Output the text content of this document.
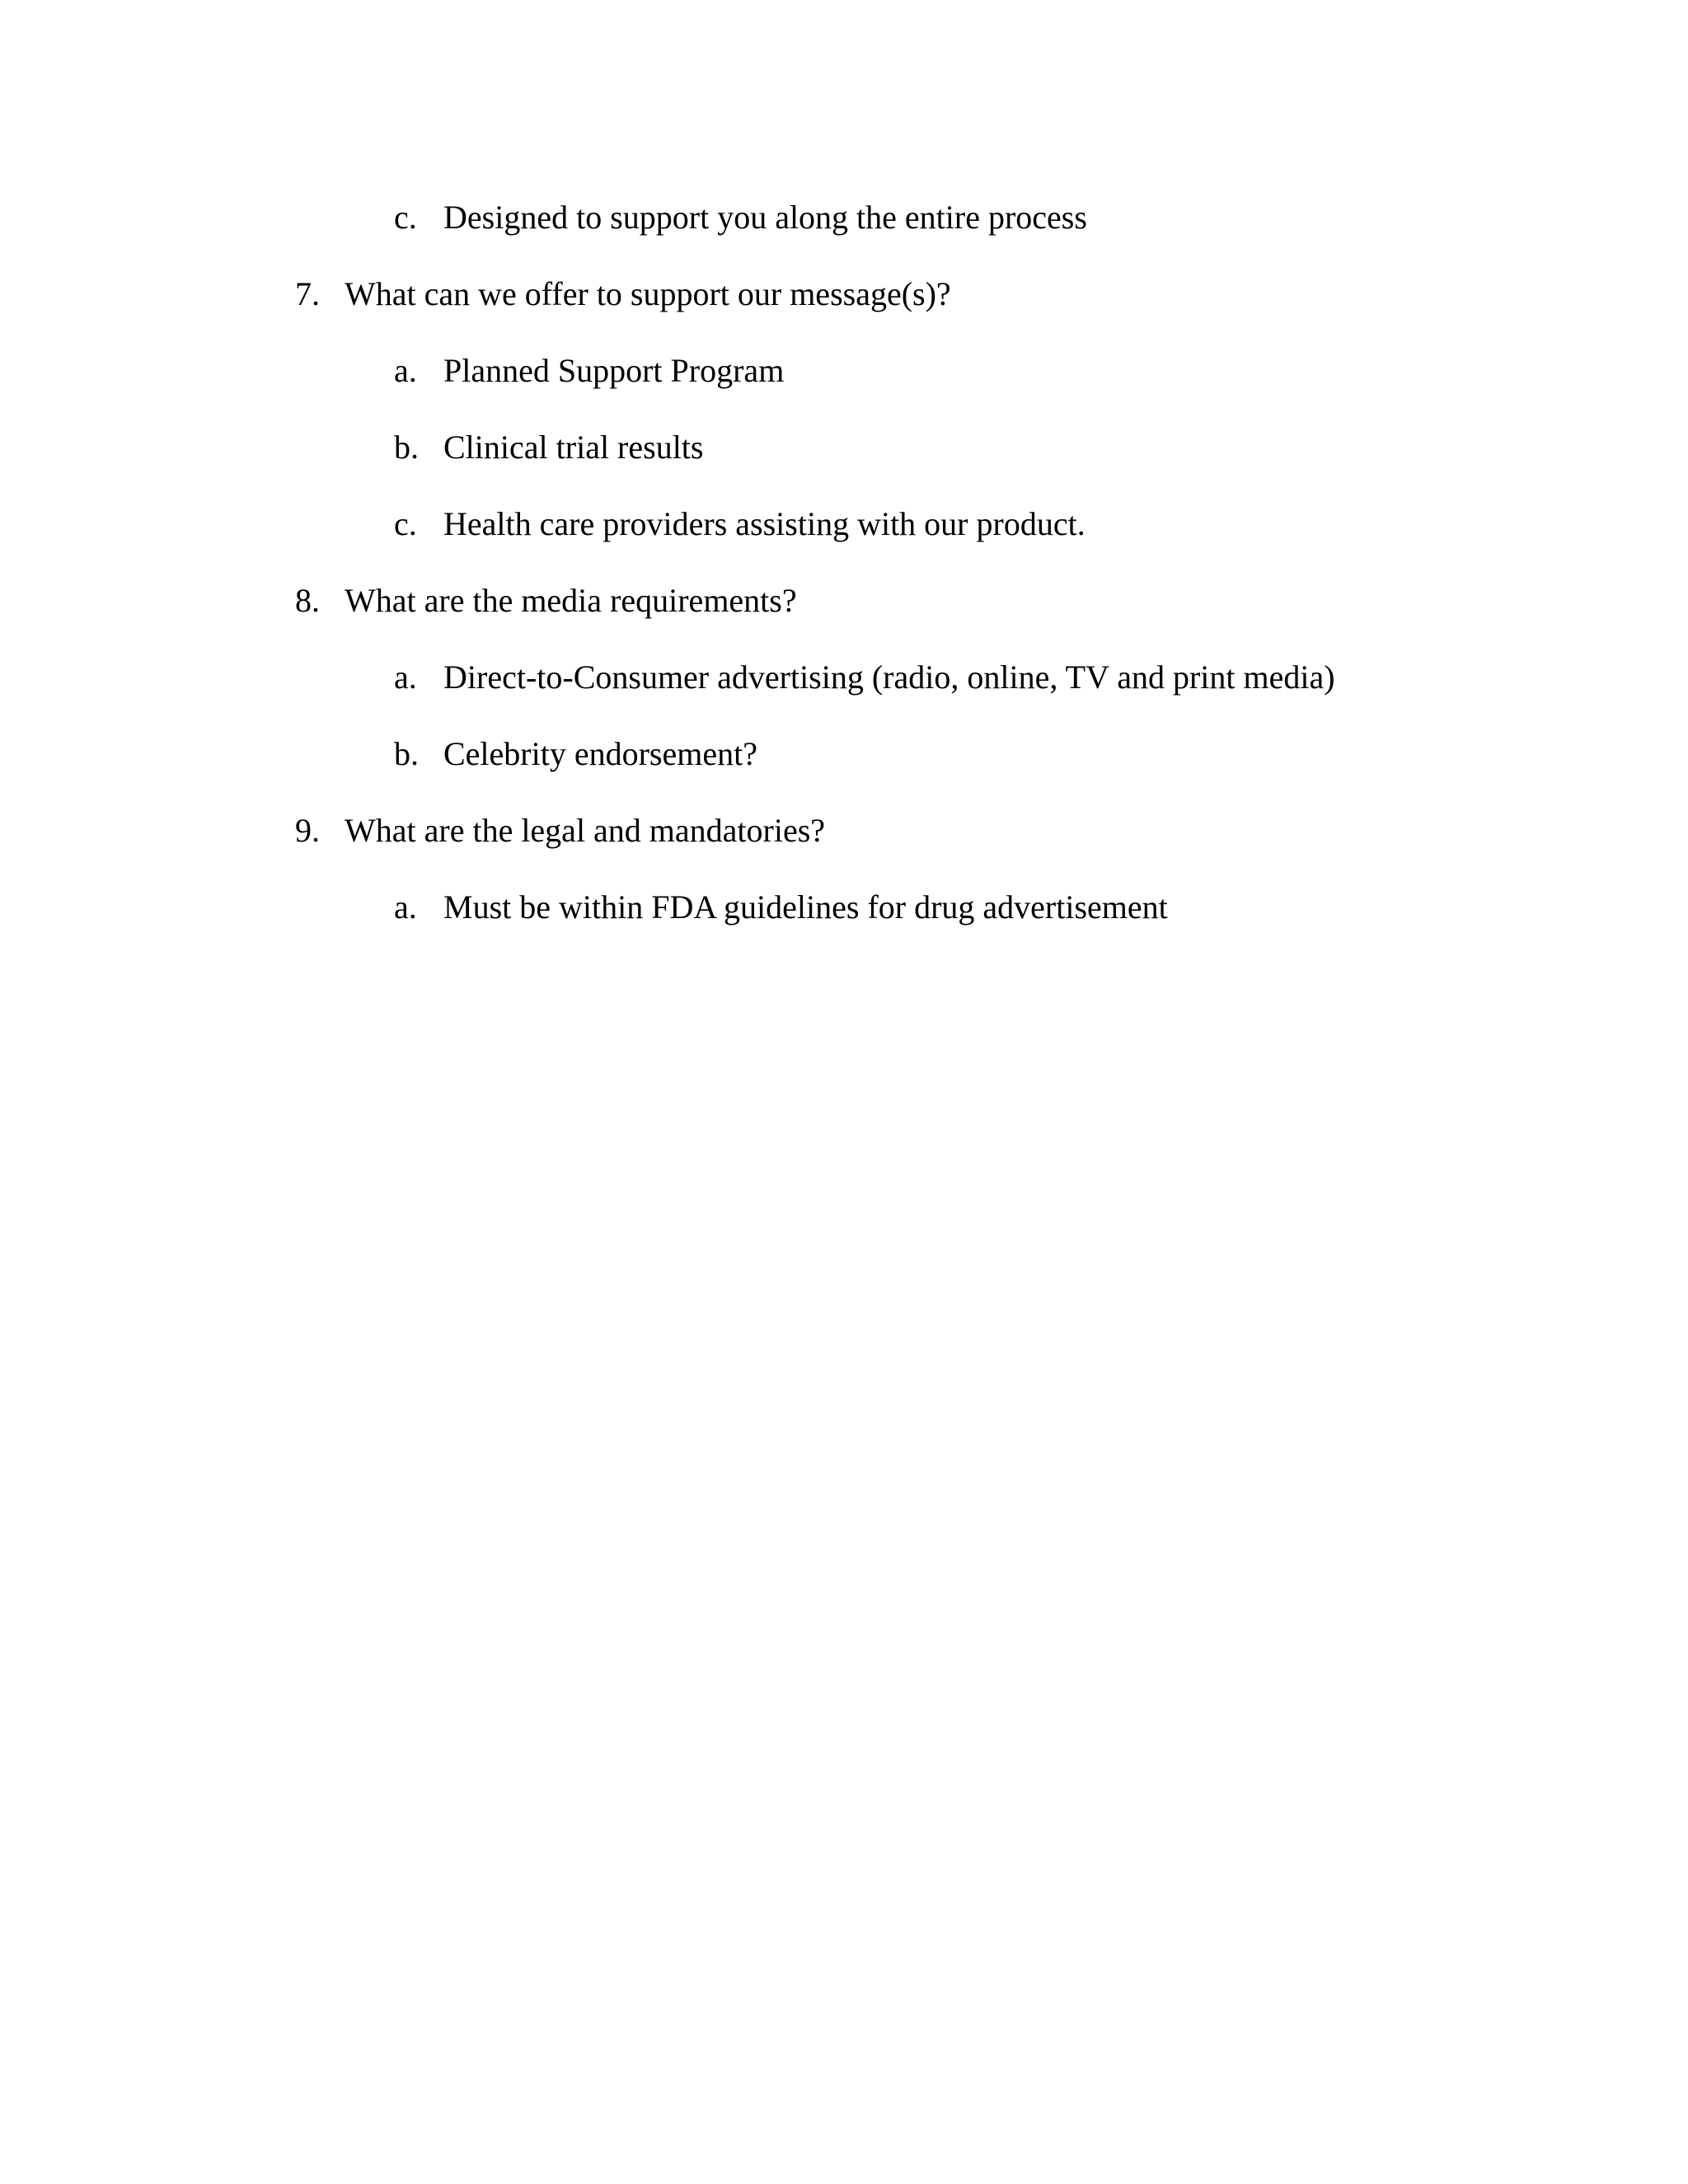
c. Designed to support you along the entire process
7. What can we offer to support our message(s)?
a. Planned Support Program
b. Clinical trial results
c. Health care providers assisting with our product.
8. What are the media requirements?
a. Direct-to-Consumer advertising (radio, online, TV and print media)
b. Celebrity endorsement?
9. What are the legal and mandatories?
a. Must be within FDA guidelines for drug advertisement
